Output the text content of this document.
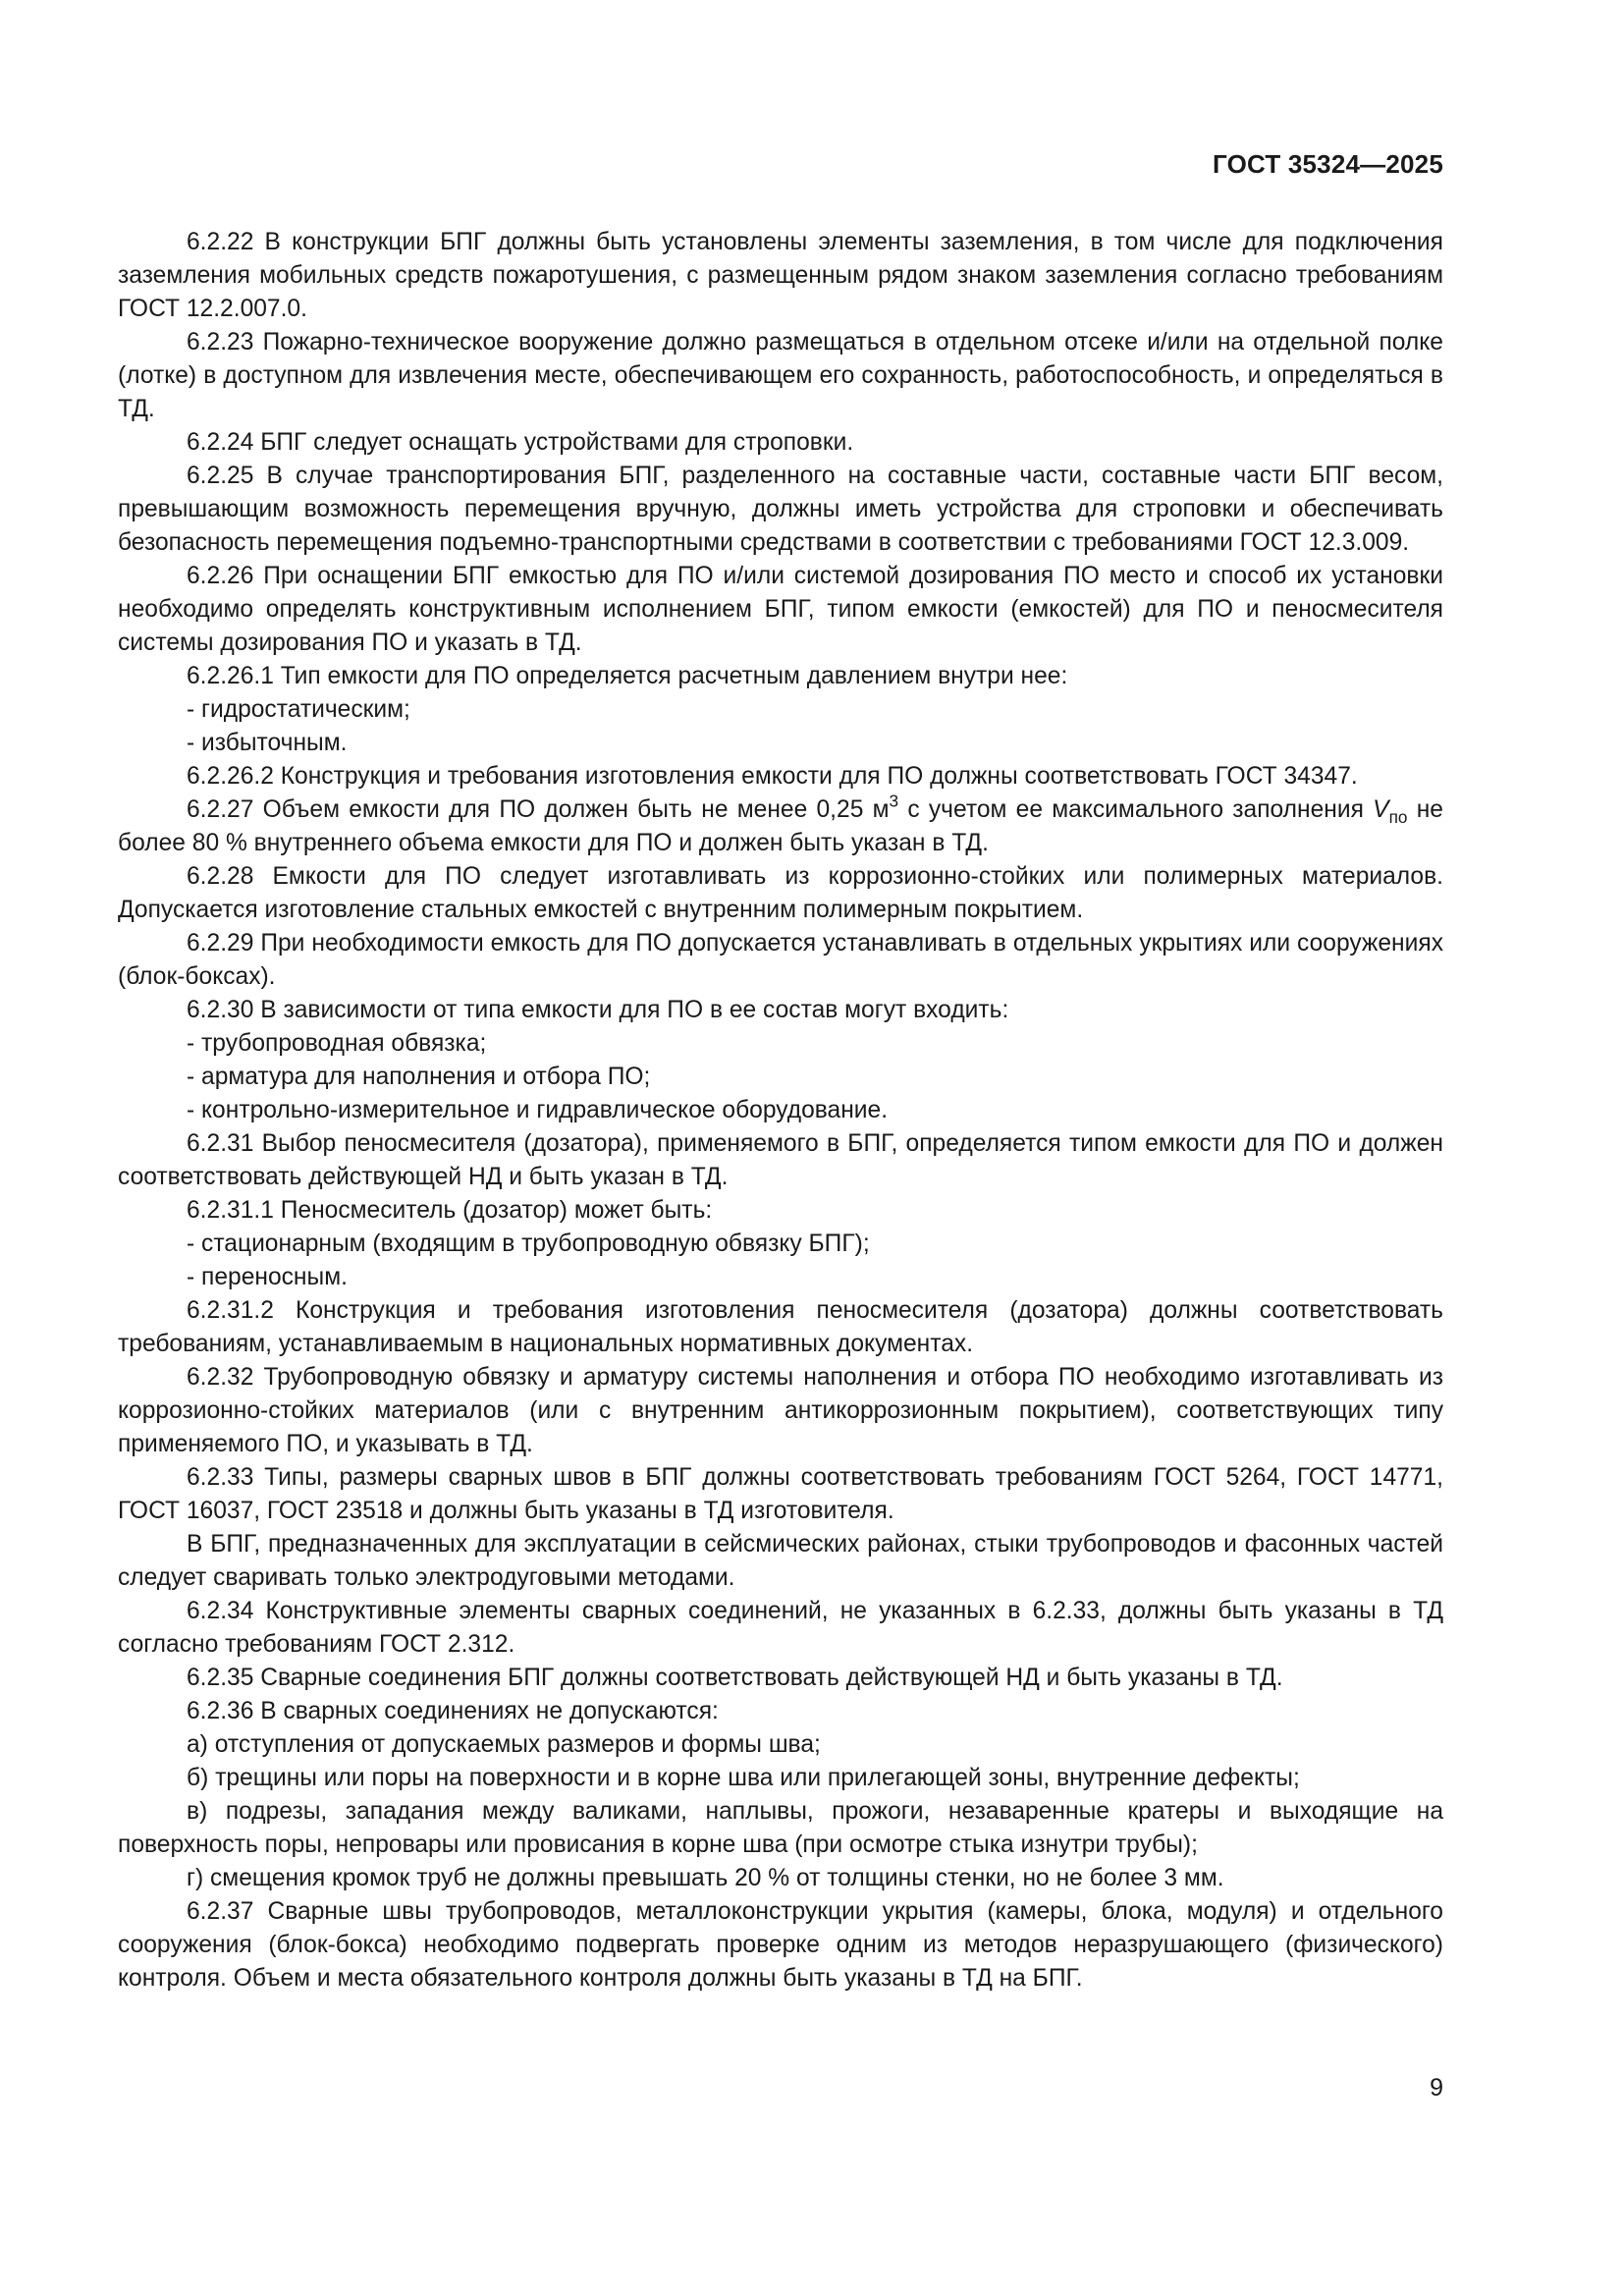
ГОСТ 35324—2025

6.2.22 В конструкции БПГ должны быть установлены элементы заземления, в том числе для подключения заземления мобильных средств пожаротушения, с размещенным рядом знаком заземления согласно требованиям ГОСТ 12.2.007.0.

6.2.23 Пожарно-техническое вооружение должно размещаться в отдельном отсеке и/или на отдельной полке (лотке) в доступном для извлечения месте, обеспечивающем его сохранность, работоспособность, и определяться в ТД.

6.2.24 БПГ следует оснащать устройствами для строповки.

6.2.25 В случае транспортирования БПГ, разделенного на составные части, составные части БПГ весом, превышающим возможность перемещения вручную, должны иметь устройства для строповки и обеспечивать безопасность перемещения подъемно-транспортными средствами в соответствии с требованиями ГОСТ 12.3.009.

6.2.26 При оснащении БПГ емкостью для ПО и/или системой дозирования ПО место и способ их установки необходимо определять конструктивным исполнением БПГ, типом емкости (емкостей) для ПО и пеносмесителя системы дозирования ПО и указать в ТД.

6.2.26.1 Тип емкости для ПО определяется расчетным давлением внутри нее:

- гидростатическим;

- избыточным.

6.2.26.2 Конструкция и требования изготовления емкости для ПО должны соответствовать ГОСТ 34347.

6.2.27 Объем емкости для ПО должен быть не менее 0,25 $м^3$ с учетом ее максимального заполнения $V_{по}$ не более 80 % внутреннего объема емкости для ПО и должен быть указан в ТД.

6.2.28 Емкости для ПО следует изготавливать из коррозионно-стойких или полимерных материалов. Допускается изготовление стальных емкостей с внутренним полимерным покрытием.

6.2.29 При необходимости емкость для ПО допускается устанавливать в отдельных укрытиях или сооружениях (блок-боксах).

6.2.30 В зависимости от типа емкости для ПО в ее состав могут входить:

- трубопроводная обвязка;

- арматура для наполнения и отбора ПО;

- контрольно-измерительное и гидравлическое оборудование.

6.2.31 Выбор пеносмесителя (дозатора), применяемого в БПГ, определяется типом емкости для ПО и должен соответствовать действующей НД и быть указан в ТД.

6.2.31.1 Пеносмеситель (дозатор) может быть:

- стационарным (входящим в трубопроводную обвязку БПГ);

- переносным.

6.2.31.2 Конструкция и требования изготовления пеносмесителя (дозатора) должны соответствовать требованиям, устанавливаемым в национальных нормативных документах.

6.2.32 Трубопроводную обвязку и арматуру системы наполнения и отбора ПО необходимо изготавливать из коррозионно-стойких материалов (или с внутренним антикоррозионным покрытием), соответствующих типу применяемого ПО, и указывать в ТД.

6.2.33 Типы, размеры сварных швов в БПГ должны соответствовать требованиям ГОСТ 5264, ГОСТ 14771, ГОСТ 16037, ГОСТ 23518 и должны быть указаны в ТД изготовителя.

В БПГ, предназначенных для эксплуатации в сейсмических районах, стыки трубопроводов и фасонных частей следует сваривать только электродуговыми методами.

6.2.34 Конструктивные элементы сварных соединений, не указанных в 6.2.33, должны быть указаны в ТД согласно требованиям ГОСТ 2.312.

6.2.35 Сварные соединения БПГ должны соответствовать действующей НД и быть указаны в ТД.

6.2.36 В сварных соединениях не допускаются:

а) отступления от допускаемых размеров и формы шва;

б) трещины или поры на поверхности и в корне шва или прилегающей зоны, внутренние дефекты;

в) подрезы, западания между валиками, наплывы, прожоги, незаваренные кратеры и выходящие на поверхность поры, непровары или провисания в корне шва (при осмотре стыка изнутри трубы);

г) смещения кромок труб не должны превышать 20 % от толщины стенки, но не более 3 мм.

6.2.37 Сварные швы трубопроводов, металлоконструкции укрытия (камеры, блока, модуля) и отдельного сооружения (блок-бокса) необходимо подвергать проверке одним из методов неразрушающего (физического) контроля. Объем и места обязательного контроля должны быть указаны в ТД на БПГ.

9
